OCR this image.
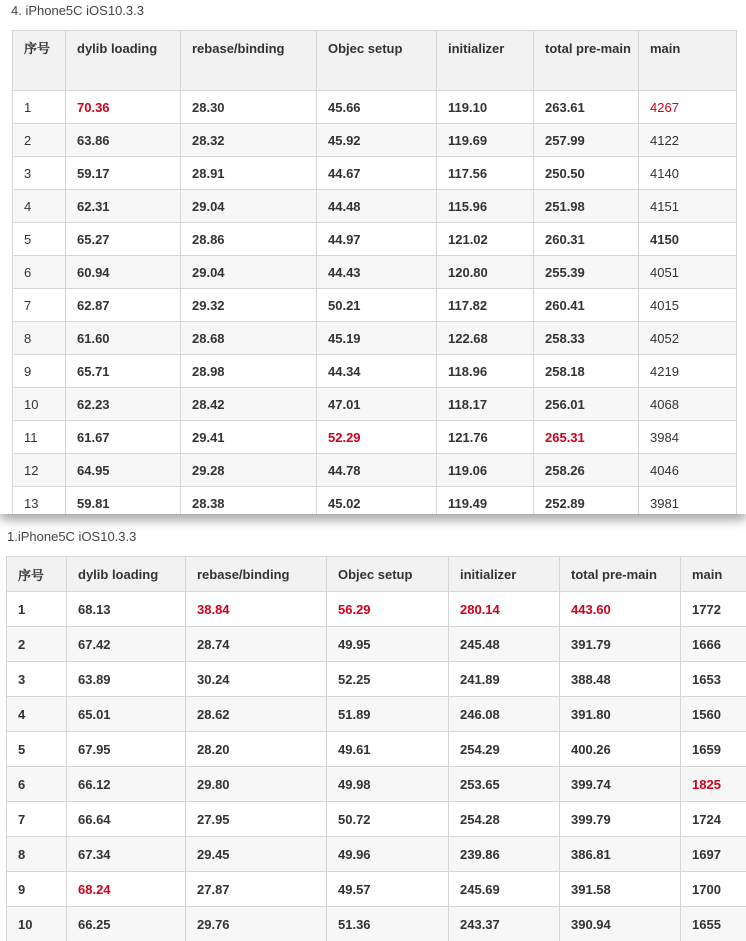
4. iPhone5C iOS10.3.3
序号	dylib loading	rebase/binding	Objec setup	initializer	total pre-main	main
1	70.36	28.30	45.66	119.10	263.61	4267
2	63.86	28.32	45.92	119.69	257.99	4122
3	59.17	28.91	44.67	117.56	250.50	4140
4	62.31	29.04	44.48	115.96	251.98	4151
5	65.27	28.86	44.97	121.02	260.31	4150
6	60.94	29.04	44.43	120.80	255.39	4051
7	62.87	29.32	50.21	117.82	260.41	4015
8	61.60	28.68	45.19	122.68	258.33	4052
9	65.71	28.98	44.34	118.96	258.18	4219
10	62.23	28.42	47.01	118.17	256.01	4068
11	61.67	29.41	52.29	121.76	265.31	3984
12	64.95	29.28	44.78	119.06	258.26	4046
13	59.81	28.38	45.02	119.49	252.89	3981
1.iPhone5C iOS10.3.3
序号	dylib loading	rebase/binding	Objec setup	initializer	total pre-main	main
1	68.13	38.84	56.29	280.14	443.60	1772
2	67.42	28.74	49.95	245.48	391.79	1666
3	63.89	30.24	52.25	241.89	388.48	1653
4	65.01	28.62	51.89	246.08	391.80	1560
5	67.95	28.20	49.61	254.29	400.26	1659
6	66.12	29.80	49.98	253.65	399.74	1825
7	66.64	27.95	50.72	254.28	399.79	1724
8	67.34	29.45	49.96	239.86	386.81	1697
9	68.24	27.87	49.57	245.69	391.58	1700
10	66.25	29.76	51.36	243.37	390.94	1655
